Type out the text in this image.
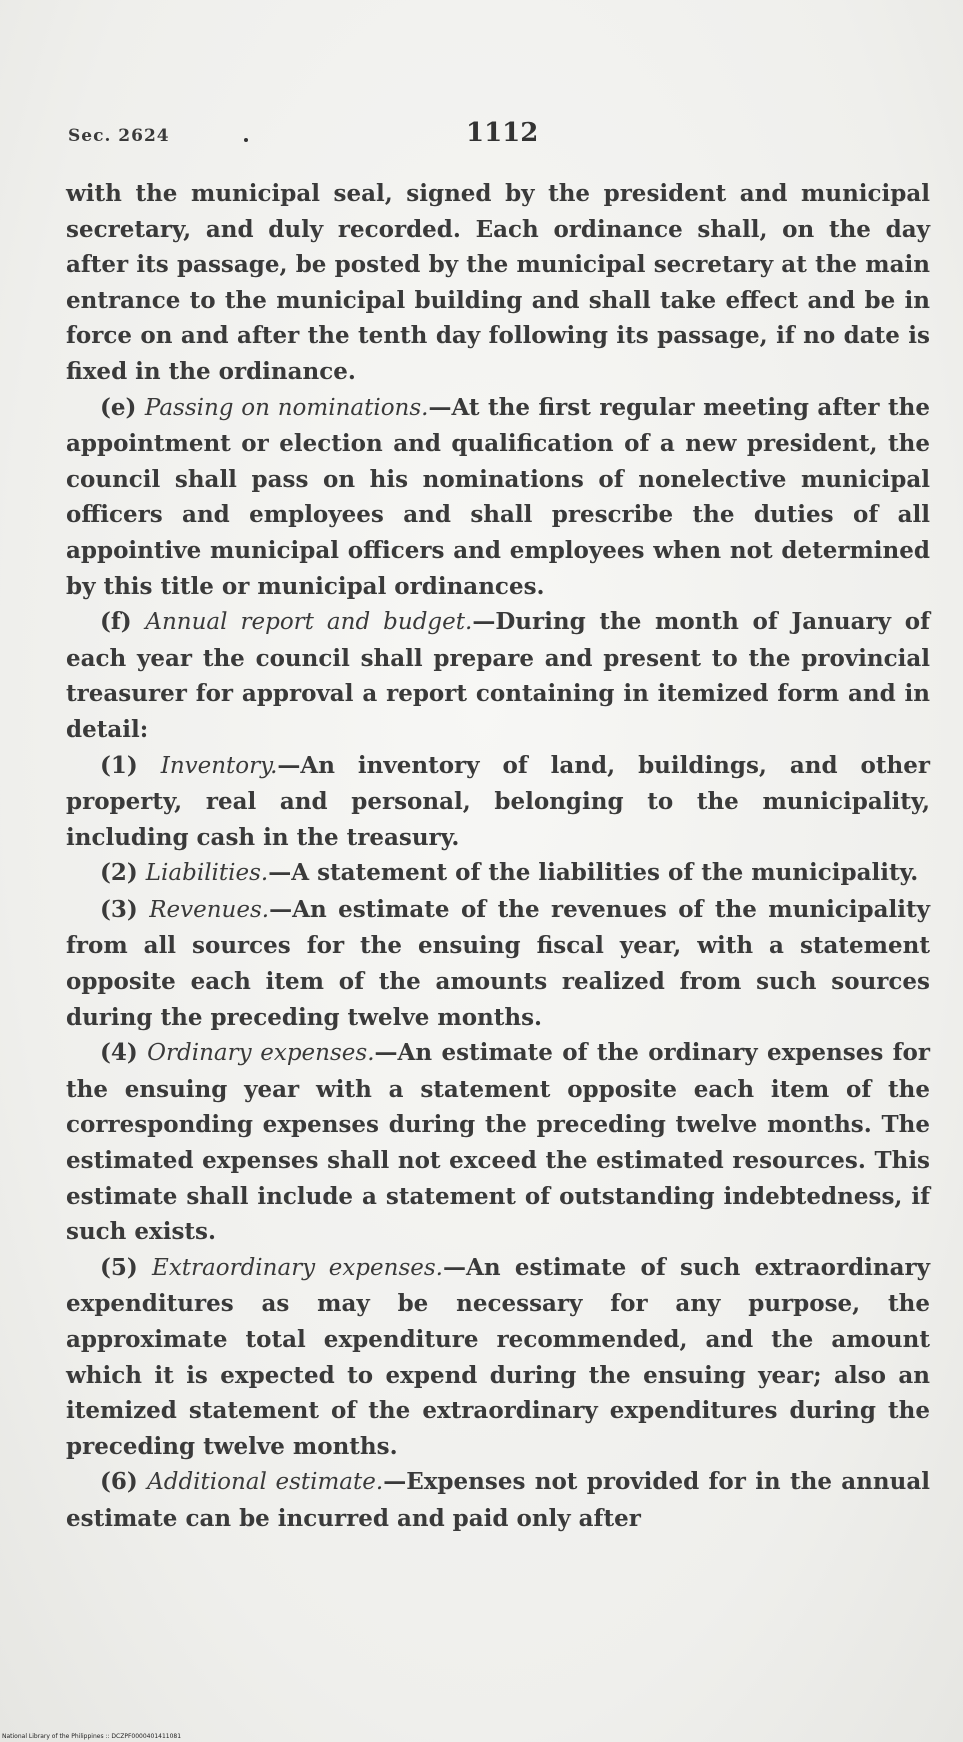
Sec. 2624	1112

with the municipal seal, signed by the president and municipal secretary, and duly recorded. Each ordinance shall, on the day after its passage, be posted by the municipal secretary at the main entrance to the municipal building and shall take effect and be in force on and after the tenth day following its passage, if no date is fixed in the ordinance.

(e) Passing on nominations.—At the first regular meeting after the appointment or election and qualification of a new president, the council shall pass on his nominations of nonelective municipal officers and employees and shall prescribe the duties of all appointive municipal officers and employees when not determined by this title or municipal ordinances.

(f) Annual report and budget.—During the month of January of each year the council shall prepare and present to the provincial treasurer for approval a report containing in itemized form and in detail:

(1) Inventory.—An inventory of land, buildings, and other property, real and personal, belonging to the municipality, including cash in the treasury.

(2) Liabilities.—A statement of the liabilities of the municipality.

(3) Revenues.—An estimate of the revenues of the municipality from all sources for the ensuing fiscal year, with a statement opposite each item of the amounts realized from such sources during the preceding twelve months.

(4) Ordinary expenses.—An estimate of the ordinary expenses for the ensuing year with a statement opposite each item of the corresponding expenses during the preceding twelve months. The estimated expenses shall not exceed the estimated resources. This estimate shall include a statement of outstanding indebtedness, if such exists.

(5) Extraordinary expenses.—An estimate of such extraordinary expenditures as may be necessary for any purpose, the approximate total expenditure recommended, and the amount which it is expected to expend during the ensuing year; also an itemized statement of the extraordinary expenditures during the preceding twelve months.

(6) Additional estimate.—Expenses not provided for in the annual estimate can be incurred and paid only after

National Library of the Philippines :: DCZPF0000401411081
